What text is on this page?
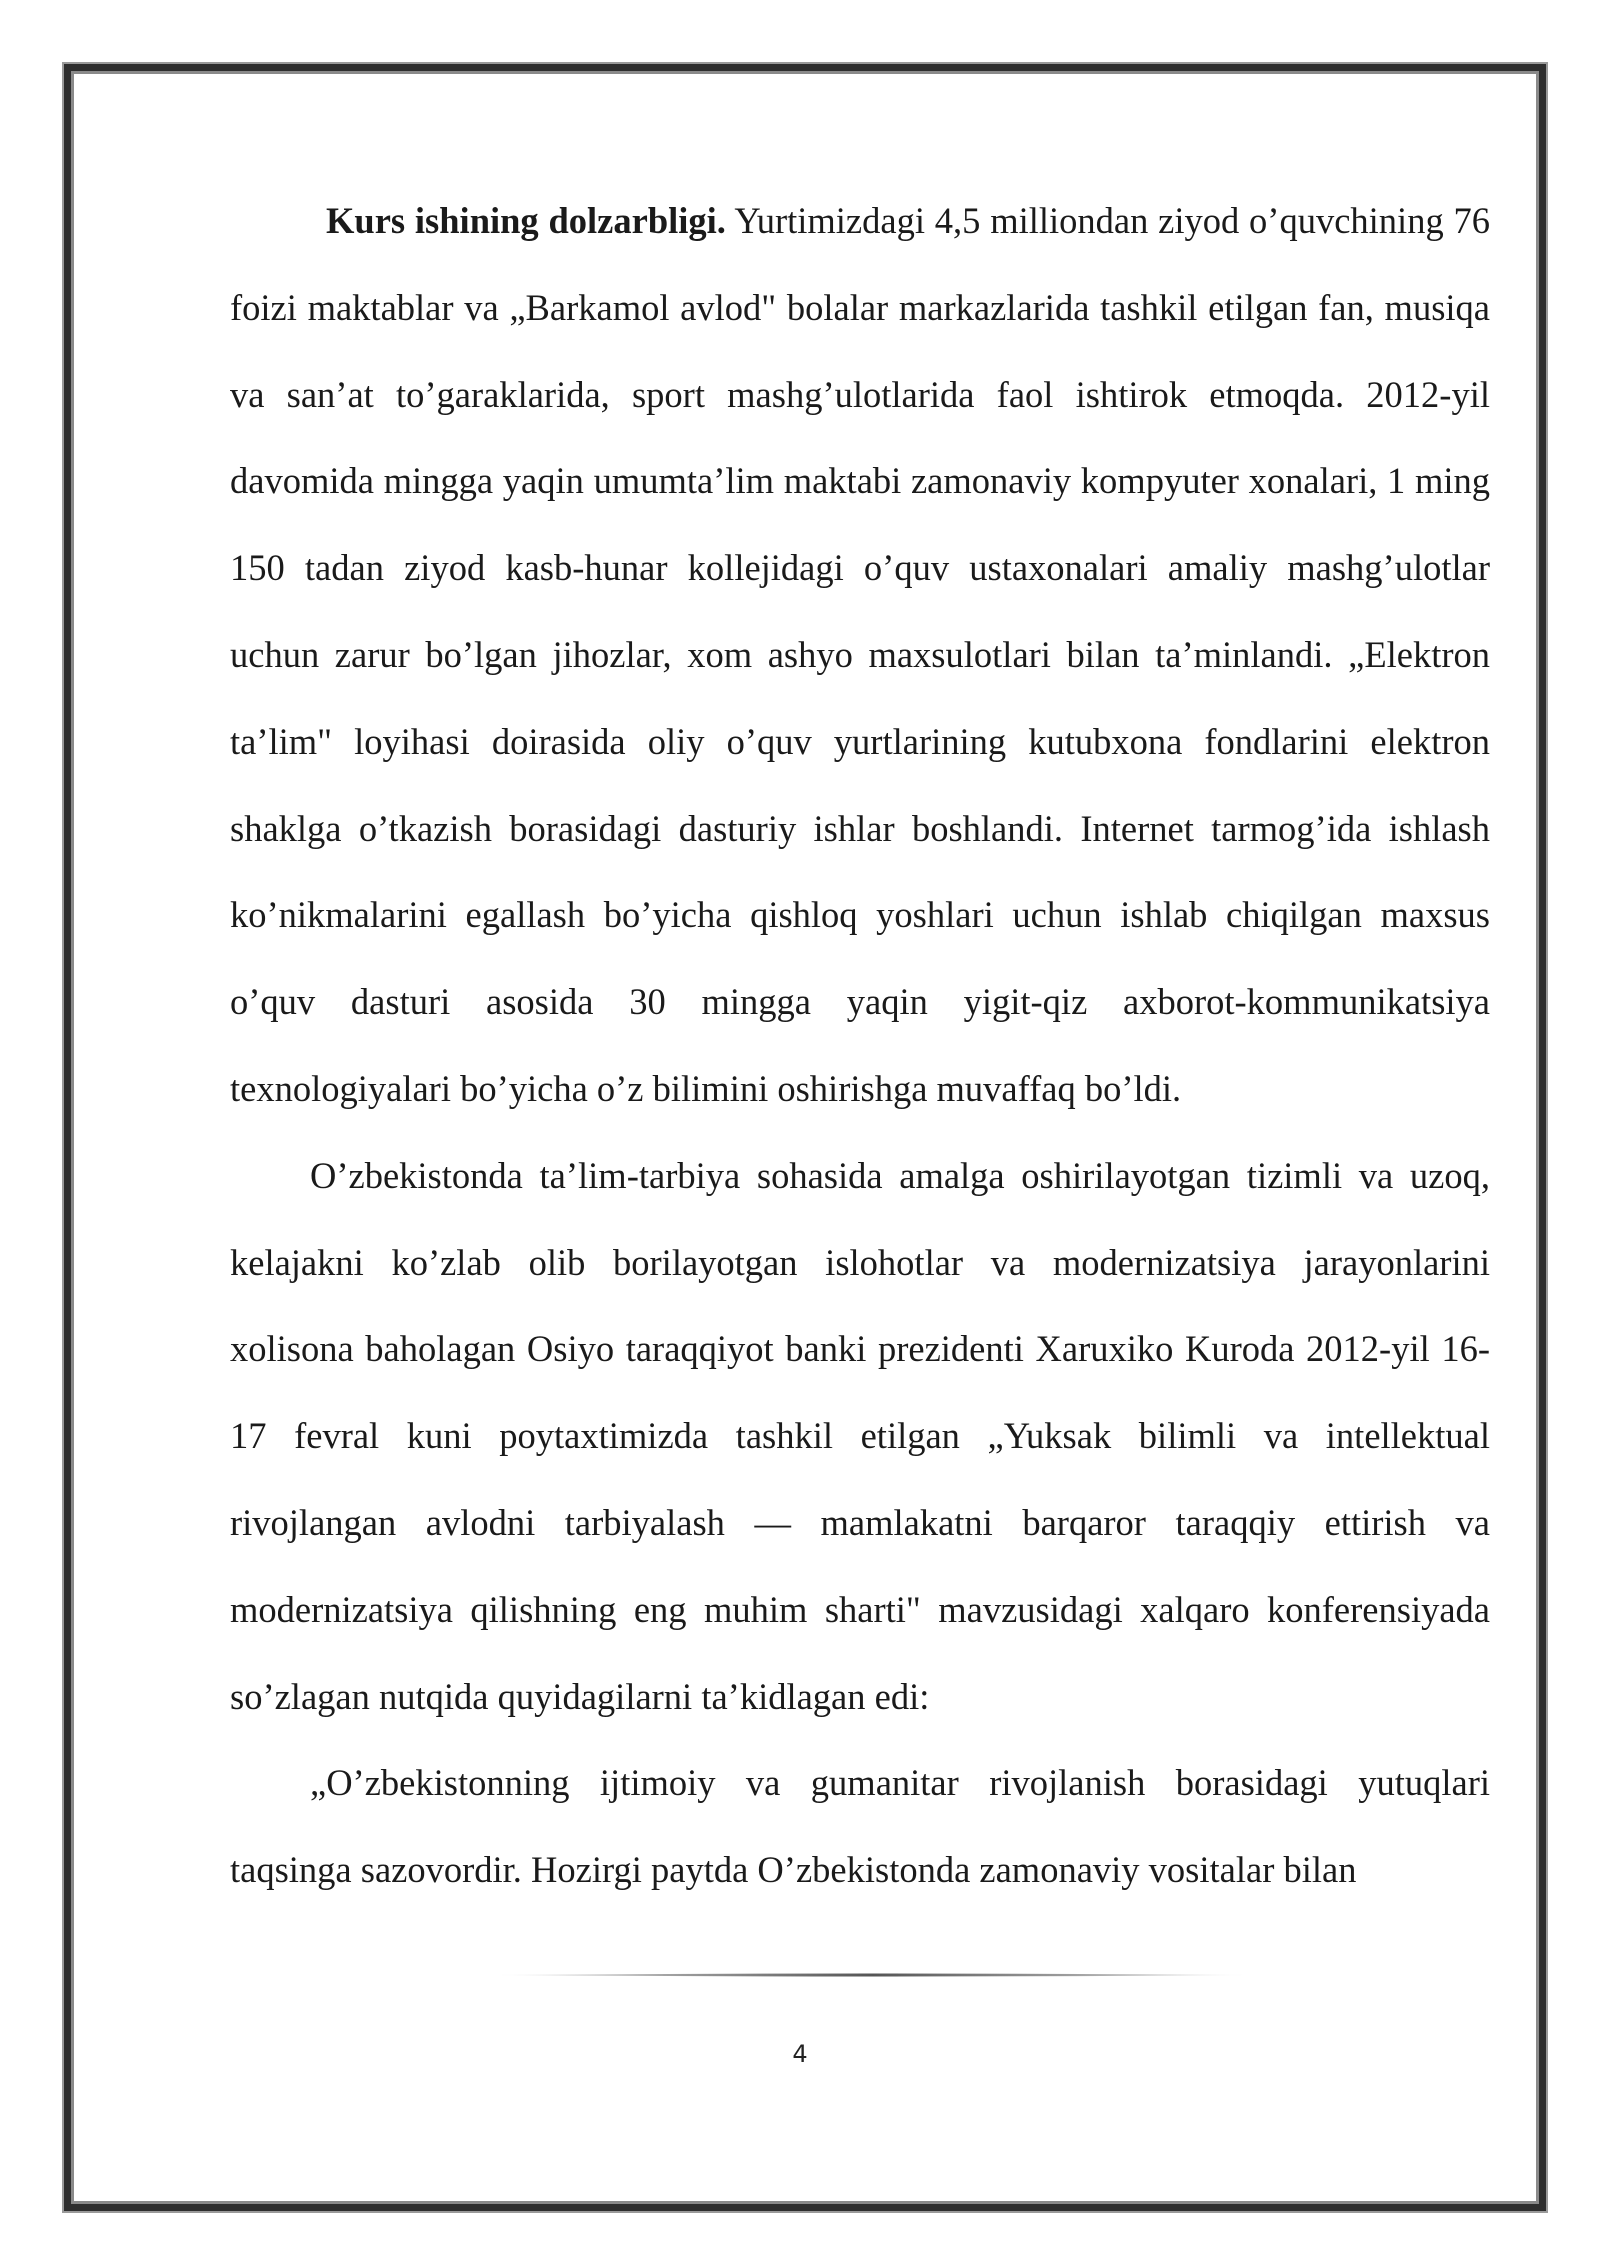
Kurs ishining dolzarbligi. Yurtimizdagi 4,5 milliondan ziyod o’quvchining 76 foizi maktablar va „Barkamol avlod" bolalar markazlarida tashkil etilgan fan, musiqa va san’at to’garaklarida, sport mashg’ulotlarida faol ishtirok etmoqda. 2012-yil davomida mingga yaqin umumta’lim maktabi zamonaviy kompyuter xonalari, 1 ming 150 tadan ziyod kasb-hunar kollejidagi o’quv ustaxonalari amaliy mashg’ulotlar uchun zarur bo’lgan jihozlar, xom ashyo maxsulotlari bilan ta’minlandi. „Elektron ta’lim" loyihasi doirasida oliy o’quv yurtlarining kutubxona fondlarini elektron shaklga o’tkazish borasidagi dasturiy ishlar boshlandi. Internet tarmog’ida ishlash ko’nikmalarini egallash bo’yicha qishloq yoshlari uchun ishlab chiqilgan maxsus o’quv dasturi asosida 30 mingga yaqin yigit-qiz axborot-kommunikatsiya texnologiyalari bo’yicha o’z bilimini oshirishga muvaffaq bo’ldi.

O’zbekistonda ta’lim-tarbiya sohasida amalga oshirilayotgan tizimli va uzoq, kelajakni ko’zlab olib borilayotgan islohotlar va modernizatsiya jarayonlarini xolisona baholagan Osiyo taraqqiyot banki prezidenti Xaruxiko Kuroda 2012-yil 16-17 fevral kuni poytaxtimizda tashkil etilgan „Yuksak bilimli va intellektual rivojlangan avlodni tarbiyalash — mamlakatni barqaror taraqqiy ettirish va modernizatsiya qilishning eng muhim sharti" mavzusidagi xalqaro konferensiyada so’zlagan nutqida quyidagilarni ta’kidlagan edi:

„O’zbekistonning ijtimoiy va gumanitar rivojlanish borasidagi yutuqlari taqsinga sazovordir. Hozirgi paytda O’zbekistonda zamonaviy vositalar bilan

4
